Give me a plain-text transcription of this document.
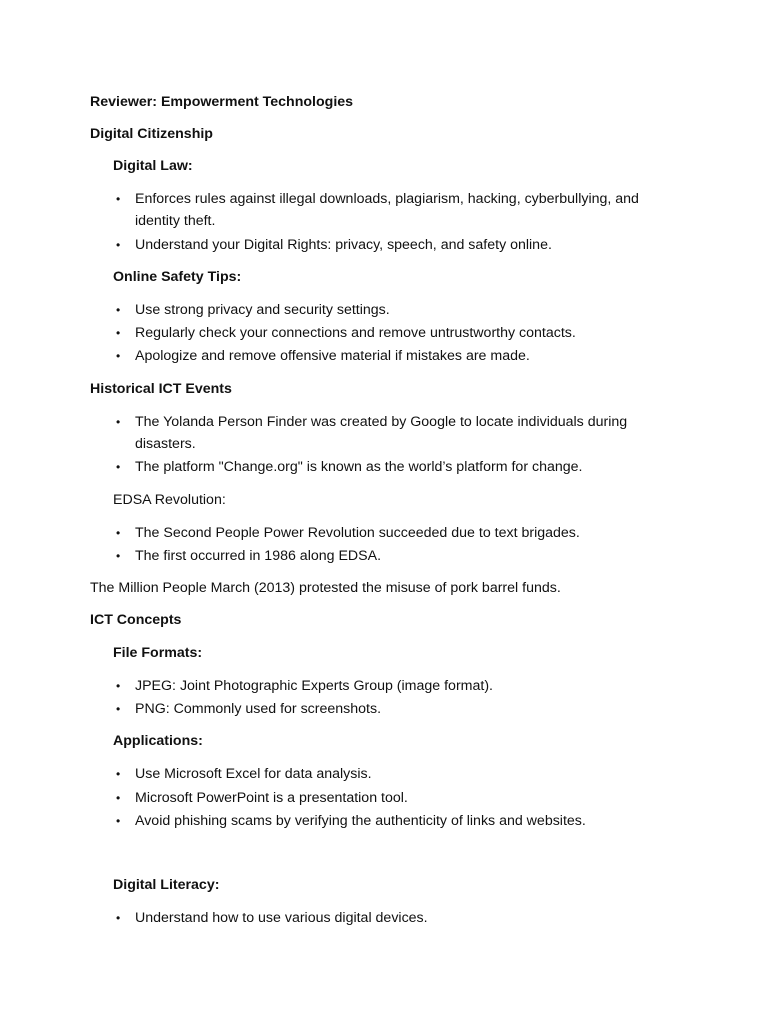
Reviewer: Empowerment Technologies
Digital Citizenship
Digital Law:
• Enforces rules against illegal downloads, plagiarism, hacking, cyberbullying, and identity theft.
• Understand your Digital Rights: privacy, speech, and safety online.
Online Safety Tips:
• Use strong privacy and security settings.
• Regularly check your connections and remove untrustworthy contacts.
• Apologize and remove offensive material if mistakes are made.
Historical ICT Events
• The Yolanda Person Finder was created by Google to locate individuals during disasters.
• The platform "Change.org" is known as the world’s platform for change.
EDSA Revolution:
• The Second People Power Revolution succeeded due to text brigades.
• The first occurred in 1986 along EDSA.
The Million People March (2013) protested the misuse of pork barrel funds.
ICT Concepts
File Formats:
• JPEG: Joint Photographic Experts Group (image format).
• PNG: Commonly used for screenshots.
Applications:
• Use Microsoft Excel for data analysis.
• Microsoft PowerPoint is a presentation tool.
• Avoid phishing scams by verifying the authenticity of links and websites.
Digital Literacy:
• Understand how to use various digital devices.
